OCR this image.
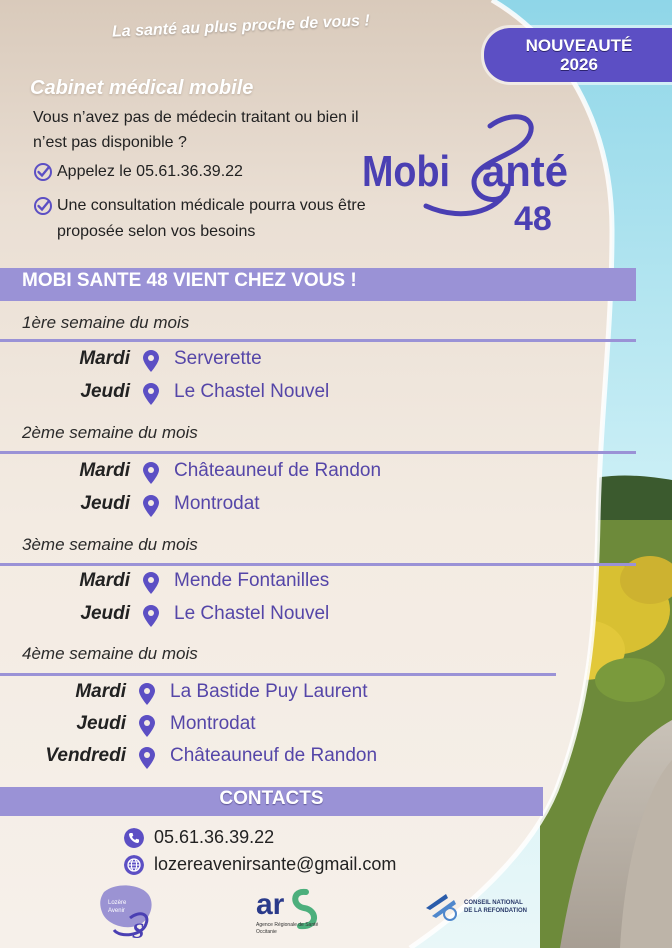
La santé au plus proche de vous !
NOUVEAUTÉ
2026
Cabinet médical mobile
Vous n’avez pas de médecin traitant ou bien il n’est pas disponible ?
Appelez le 05.61.36.39.22
Une consultation médicale pourra vous être proposée selon vos besoins
Mobi anté
48
MOBI SANTE 48 VIENT CHEZ VOUS !
1ère semaine du mois
2ème semaine du mois
3ème semaine du mois
4ème semaine du mois
Mardi Serverette
Jeudi Le Chastel Nouvel
Mardi Châteauneuf de Randon
Jeudi Montrodat
Mardi Mende Fontanilles
Jeudi Le Chastel Nouvel
Mardi La Bastide Puy Laurent
Jeudi Montrodat
Vendredi Châteauneuf de Randon
CONTACTS
05.61.36.39.22
lozereavenirsante@gmail.com
S
Lozère
Avenir	ar
Agence Régionale de Santé
Occitanie
CONSEIL NATIONAL
DE LA REFONDATION
